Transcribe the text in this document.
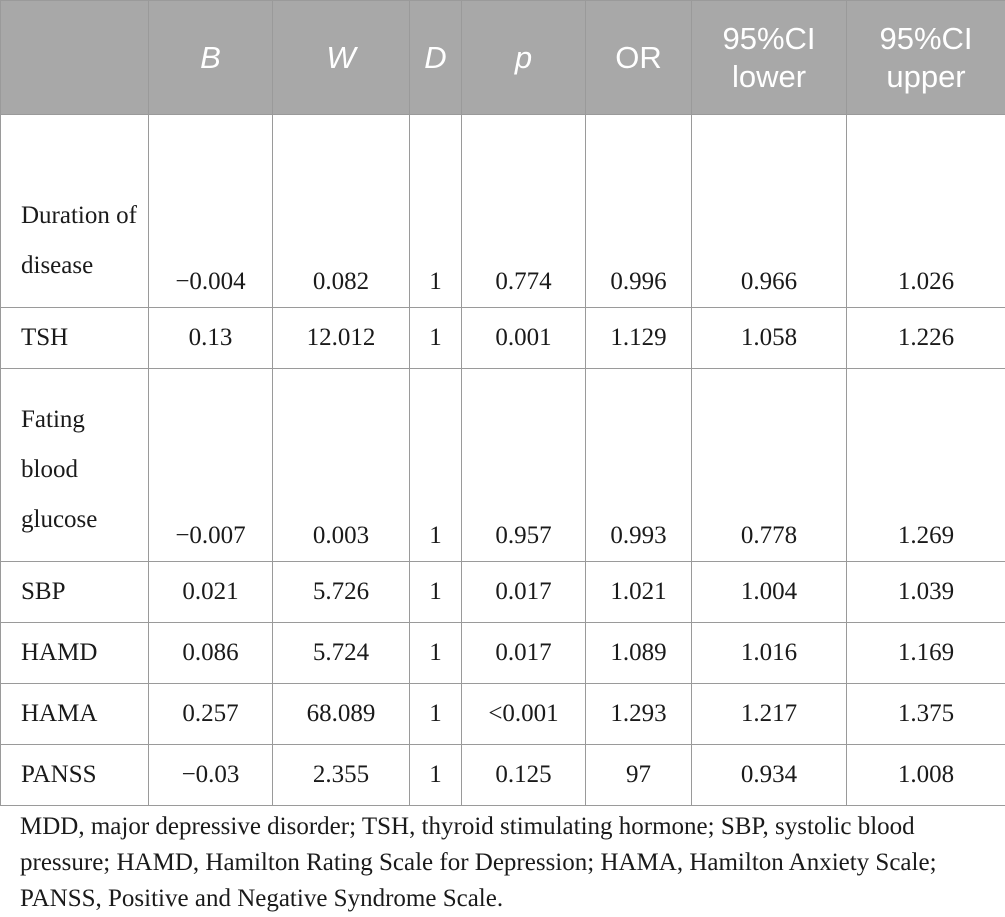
	B	W	D	p	OR	95%CI lower	95%CI upper
Duration of disease	−0.004	0.082	1	0.774	0.996	0.966	1.026
TSH	0.13	12.012	1	0.001	1.129	1.058	1.226
Fating blood glucose	−0.007	0.003	1	0.957	0.993	0.778	1.269
SBP	0.021	5.726	1	0.017	1.021	1.004	1.039
HAMD	0.086	5.724	1	0.017	1.089	1.016	1.169
HAMA	0.257	68.089	1	<0.001	1.293	1.217	1.375
PANSS	−0.03	2.355	1	0.125	97	0.934	1.008

MDD, major depressive disorder; TSH, thyroid stimulating hormone; SBP, systolic blood pressure; HAMD, Hamilton Rating Scale for Depression; HAMA, Hamilton Anxiety Scale; PANSS, Positive and Negative Syndrome Scale.
